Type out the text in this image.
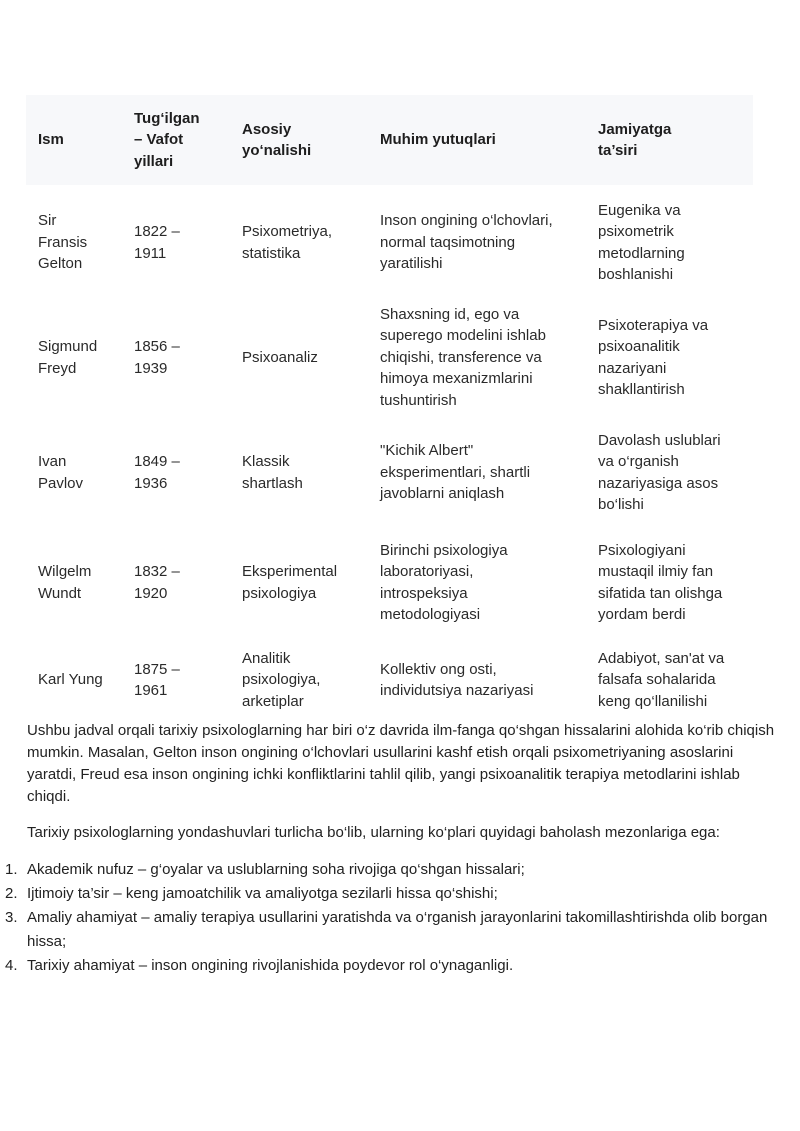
Ism	Tug‘ilgan
– Vafot
yillari	Asosiy
yo‘nalishi	Muhim yutuqlari	Jamiyatga
ta’siri

Sir
Fransis
Gelton	1822 –
1911	Psixometriya,
statistika	Inson ongining o‘lchovlari,
normal taqsimotning
yaratilishi	Eugenika va
psixometrik
metodlarning
boshlanishi

Sigmund
Freyd	1856 –
1939	Psixoanaliz	Shaxsning id, ego va
superego modelini ishlab
chiqishi, transference va
himoya mexanizmlarini
tushuntirish	Psixoterapiya va
psixoanalitik
nazariyani
shakllantirish

Ivan
Pavlov	1849 –
1936	Klassik
shartlash	"Kichik Albert"
eksperimentlari, shartli
javoblarni aniqlash	Davolash uslublari
va o‘rganish
nazariyasiga asos
bo‘lishi

Wilgelm
Wundt	1832 –
1920	Eksperimental
psixologiya	Birinchi psixologiya
laboratoriyasi,
introspeksiya
metodologiyasi	Psixologiyani
mustaqil ilmiy fan
sifatida tan olishga
yordam berdi

Karl Yung	1875 –
1961	Analitik
psixologiya,
arketiplar	Kollektiv ong osti,
individutsiya nazariyasi	Adabiyot, san'at va
falsafa sohalarida
keng qo‘llanilishi

Ushbu jadval orqali tarixiy psixologlarning har biri o‘z davrida ilm-fanga qo‘shgan hissalarini alohida ko‘rib chiqish mumkin. Masalan, Gelton inson ongining o‘lchovlari usullarini kashf etish orqali psixometriyaning asoslarini yaratdi, Freud esa inson ongining ichki konfliktlarini tahlil qilib, yangi psixoanalitik terapiya metodlarini ishlab chiqdi.

Tarixiy psixologlarning yondashuvlari turlicha bo‘lib, ularning ko‘plari quyidagi baholash mezonlariga ega:

1. Akademik nufuz – g‘oyalar va uslublarning soha rivojiga qo‘shgan hissalari;
2. Ijtimoiy ta’sir – keng jamoatchilik va amaliyotga sezilarli hissa qo‘shishi;
3. Amaliy ahamiyat – amaliy terapiya usullarini yaratishda va o‘rganish jarayonlarini takomillashtirishda olib borgan hissa;
4. Tarixiy ahamiyat – inson ongining rivojlanishida poydevor rol o‘ynaganligi.
